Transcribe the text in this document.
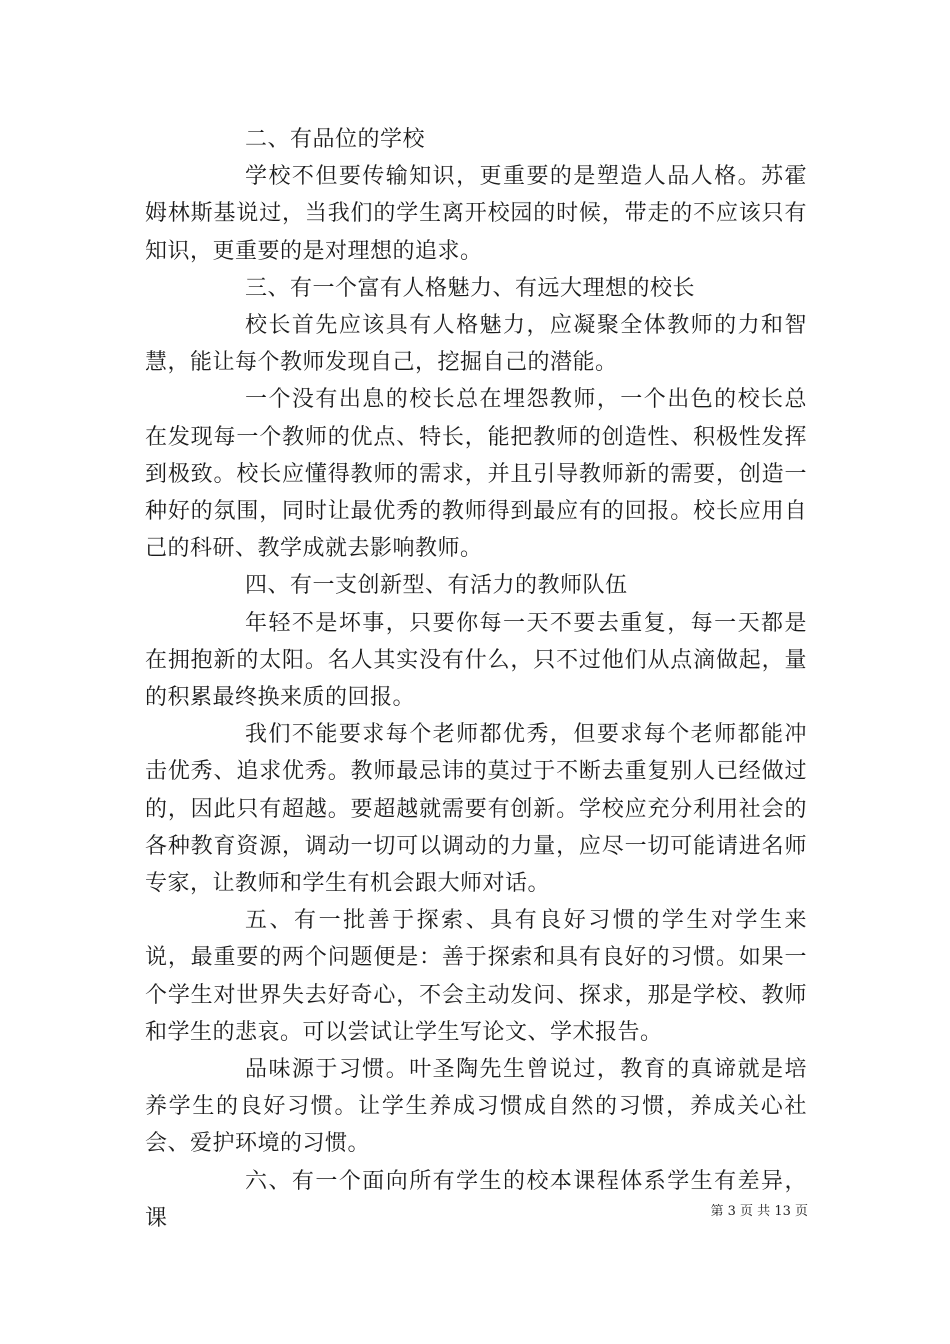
二、有品位的学校

学校不但要传输知识，更重要的是塑造人品人格。苏霍姆林斯基说过，当我们的学生离开校园的时候，带走的不应该只有知识，更重要的是对理想的追求。

三、有一个富有人格魅力、有远大理想的校长

校长首先应该具有人格魅力，应凝聚全体教师的力和智慧，能让每个教师发现自己，挖掘自己的潜能。

一个没有出息的校长总在埋怨教师，一个出色的校长总在发现每一个教师的优点、特长，能把教师的创造性、积极性发挥到极致。校长应懂得教师的需求，并且引导教师新的需要，创造一种好的氛围，同时让最优秀的教师得到最应有的回报。校长应用自己的科研、教学成就去影响教师。

四、有一支创新型、有活力的教师队伍

年轻不是坏事，只要你每一天不要去重复，每一天都是在拥抱新的太阳。名人其实没有什么，只不过他们从点滴做起，量的积累最终换来质的回报。

我们不能要求每个老师都优秀，但要求每个老师都能冲击优秀、追求优秀。教师最忌讳的莫过于不断去重复别人已经做过的，因此只有超越。要超越就需要有创新。学校应充分利用社会的各种教育资源，调动一切可以调动的力量，应尽一切可能请进名师专家，让教师和学生有机会跟大师对话。

五、有一批善于探索、具有良好习惯的学生对学生来说，最重要的两个问题便是：善于探索和具有良好的习惯。如果一个学生对世界失去好奇心，不会主动发问、探求，那是学校、教师和学生的悲哀。可以尝试让学生写论文、学术报告。

品味源于习惯。叶圣陶先生曾说过，教育的真谛就是培养学生的良好习惯。让学生养成习惯成自然的习惯，养成关心社会、爱护环境的习惯。

六、有一个面向所有学生的校本课程体系学生有差异，课	第 3 页 共 13 页
